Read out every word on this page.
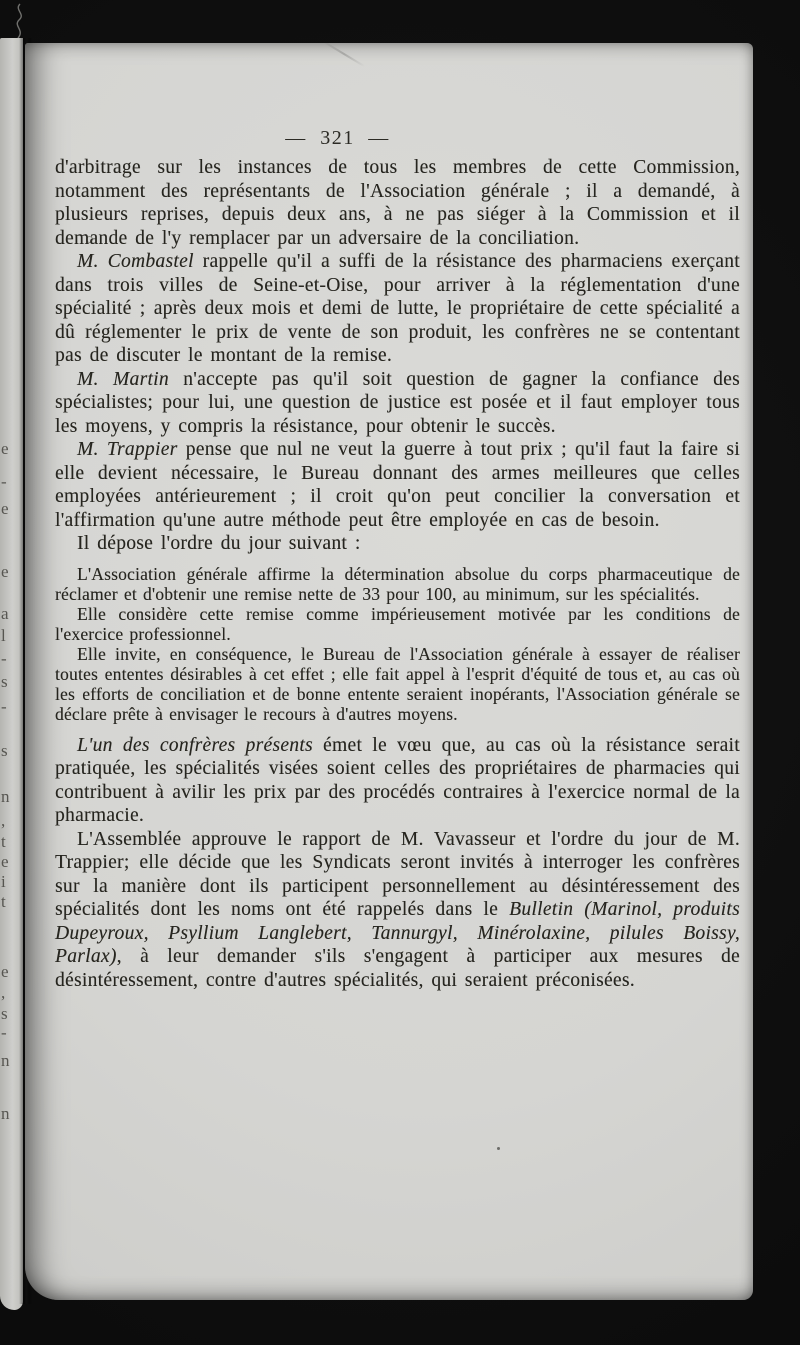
e
-
e
e
a
l
-
s
-
s
n
,
t
e
i
t
e
,
s
-
n
n
— 321 —

d'arbitrage sur les instances de tous les membres de cette Commission, notamment des représentants de l'Association générale ; il a demandé, à plusieurs reprises, depuis deux ans, à ne pas siéger à la Commission et il demande de l'y remplacer par un adversaire de la conciliation.

M. Combastel rappelle qu'il a suffi de la résistance des pharmaciens exerçant dans trois villes de Seine-et-Oise, pour arriver à la réglementation d'une spécialité ; après deux mois et demi de lutte, le propriétaire de cette spécialité a dû réglementer le prix de vente de son produit, les confrères ne se contentant pas de discuter le montant de la remise.

M. Martin n'accepte pas qu'il soit question de gagner la confiance des spécialistes; pour lui, une question de justice est posée et il faut employer tous les moyens, y compris la résistance, pour obtenir le succès.

M. Trappier pense que nul ne veut la guerre à tout prix ; qu'il faut la faire si elle devient nécessaire, le Bureau donnant des armes meilleures que celles employées antérieurement ; il croit qu'on peut concilier la conversation et l'affirmation qu'une autre méthode peut être employée en cas de besoin.

Il dépose l'ordre du jour suivant :

L'Association générale affirme la détermination absolue du corps pharmaceutique de réclamer et d'obtenir une remise nette de 33 pour 100, au minimum, sur les spécialités.

Elle considère cette remise comme impérieusement motivée par les conditions de l'exercice professionnel.

Elle invite, en conséquence, le Bureau de l'Association générale à essayer de réaliser toutes ententes désirables à cet effet ; elle fait appel à l'esprit d'équité de tous et, au cas où les efforts de conciliation et de bonne entente seraient inopérants, l'Association générale se déclare prête à envisager le recours à d'autres moyens.

L'un des confrères présents émet le vœu que, au cas où la résistance serait pratiquée, les spécialités visées soient celles des propriétaires de pharmacies qui contribuent à avilir les prix par des procédés contraires à l'exercice normal de la pharmacie.

L'Assemblée approuve le rapport de M. Vavasseur et l'ordre du jour de M. Trappier; elle décide que les Syndicats seront invités à interroger les confrères sur la manière dont ils participent personnellement au désintéressement des spécialités dont les noms ont été rappelés dans le Bulletin (Marinol, produits Dupeyroux, Psyllium Langlebert, Tannurgyl, Minérolaxine, pilules Boissy, Parlax), à leur demander s'ils s'engagent à participer aux mesures de désintéressement, contre d'autres spécialités, qui seraient préconisées.
